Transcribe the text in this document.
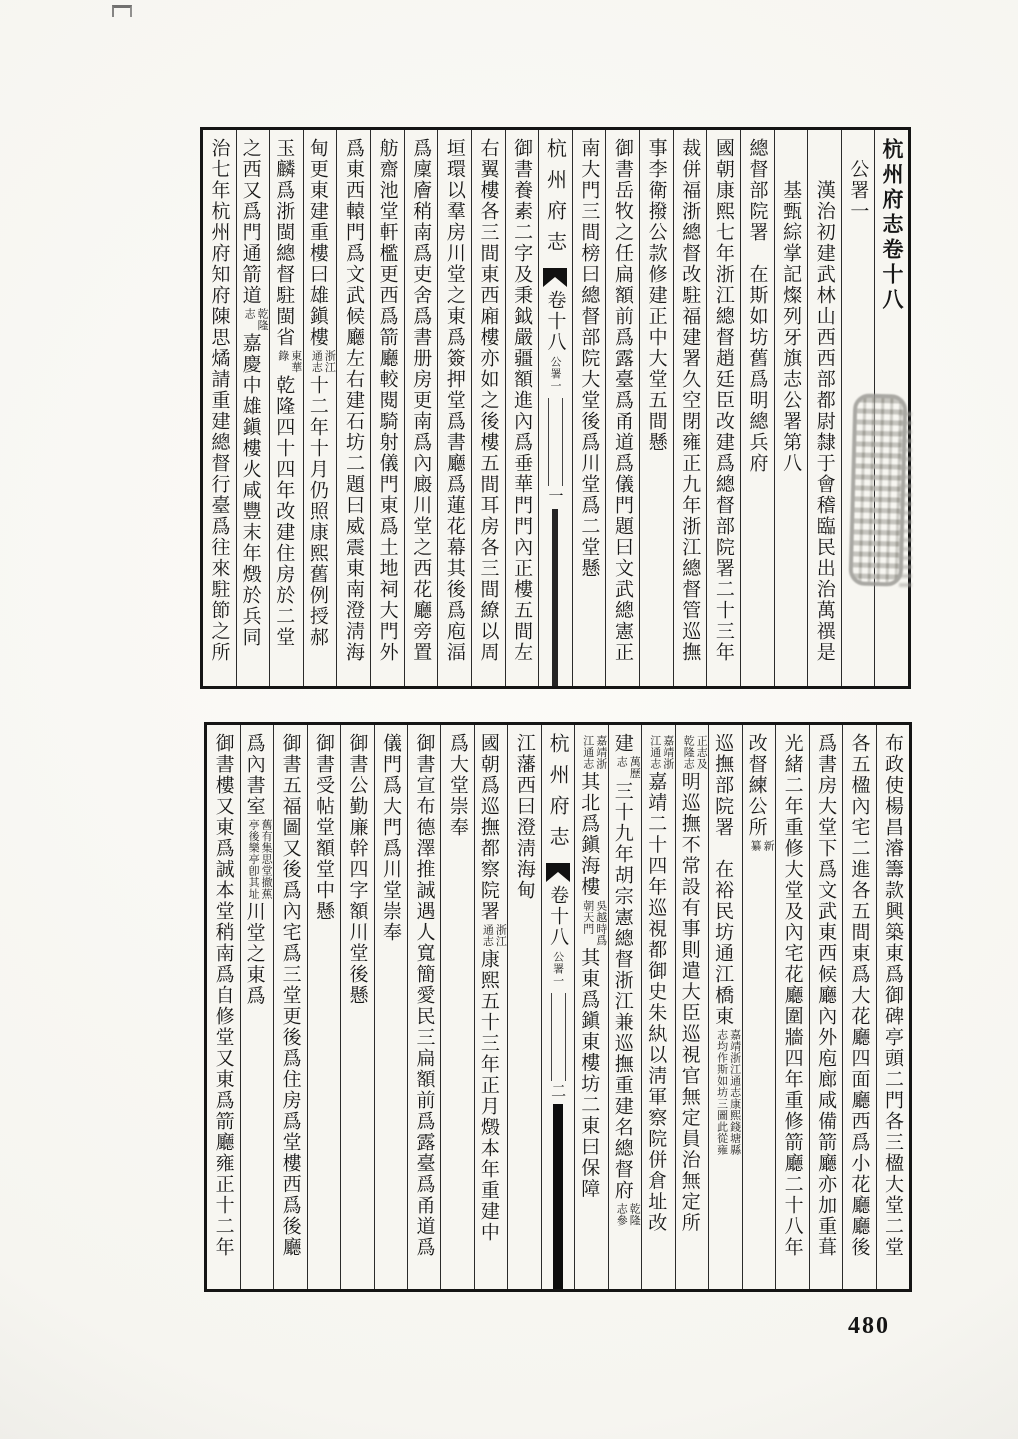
杭州府志卷十八
　公署一
　　漢治初建武林山西西部都尉隸于會稽臨民出治萬禩是
　　基甄綜掌記燦列牙旗志公署第八
總督部院署　在斯如坊舊爲明總兵府
國朝康熙七年浙江總督趙廷臣改建爲總督部院署二十三年
裁併福浙總督改駐福建署久空閉雍正九年浙江總督管巡撫
事李衛撥公款修建正中大堂五間懸
御書岳牧之任扁額前爲露臺爲甬道爲儀門題曰文武總憲正
南大門三間榜曰總督部院大堂後爲川堂爲二堂懸
杭州府志
卷十八
公署一
一
御書養素二字及秉鉞嚴疆額進內爲垂華門門內正樓五間左
右翼樓各三間東西廂樓亦如之後樓五間耳房各三間繚以周
垣環以羣房川堂之東爲簽押堂爲書廳爲蓮花幕其後爲庖湢
爲廩廥稍南爲吏舍爲書册房更南爲內廄川堂之西花廳旁置
舫齋池堂軒檻更西爲箭廳較閱騎射儀門東爲土地祠大門外
爲東西轅門爲文武候廳左右建石坊二題曰威震東南澄淸海
甸更東建重樓曰雄鎭樓
浙江
通志
十二年十月仍照康熙舊例授郝
玉麟爲浙閩總督駐閩省
東華
錄
乾隆四十四年改建住房於二堂
之西又爲門通箭道
乾隆
志
嘉慶中雄鎭樓火咸豐末年燬於兵同
治七年杭州府知府陳思燏請重建總督行臺爲往來駐節之所
布政使楊昌濬籌款興築東爲御碑亭頭二門各三楹大堂二堂
各五楹內宅二進各五間東爲大花廳四面廳西爲小花廳廳後
爲書房大堂下爲文武東西候廳內外庖廊咸備箭廳亦加重葺
光緒二年重修大堂及內宅花廳圍牆四年重修箭廳二十八年
改督練公所
新
纂
巡撫部院署　在裕民坊通江橋東
嘉靖浙江通志康熙錢塘縣
志均作斯如坊三圖此從雍
正志及
乾隆志
明巡撫不常設有事則遣大臣巡視官無定員治無定所
嘉靖浙
江通志
嘉靖二十四年巡視都御史朱紈以淸軍察院併倉址改
建
萬歷
志
三十九年胡宗憲總督浙江兼巡撫重建名總督府
乾隆
志參
嘉靖浙
江通志
其北爲鎭海樓
吳越時爲
朝天門
其東爲鎭東樓坊二東曰保障
杭州府志
卷十八
公署一
二
江藩西曰澄淸海甸
國朝爲巡撫都察院署
浙江
通志
康熙五十三年正月燬本年重建中
爲大堂崇奉
御書宣布德澤推誠遇人寬簡愛民三扁額前爲露臺爲甬道爲
儀門爲大門爲川堂崇奉
御書公勤廉幹四字額川堂後懸
御書受帖堂額堂中懸
御書五福圖又後爲內宅爲三堂更後爲住房爲堂樓西爲後廳
爲內書室
舊有集思堂撤蕉
亭後樂亭卽其址
川堂之東爲
御書樓又東爲誠本堂稍南爲自修堂又東爲箭廳雍正十二年
480
